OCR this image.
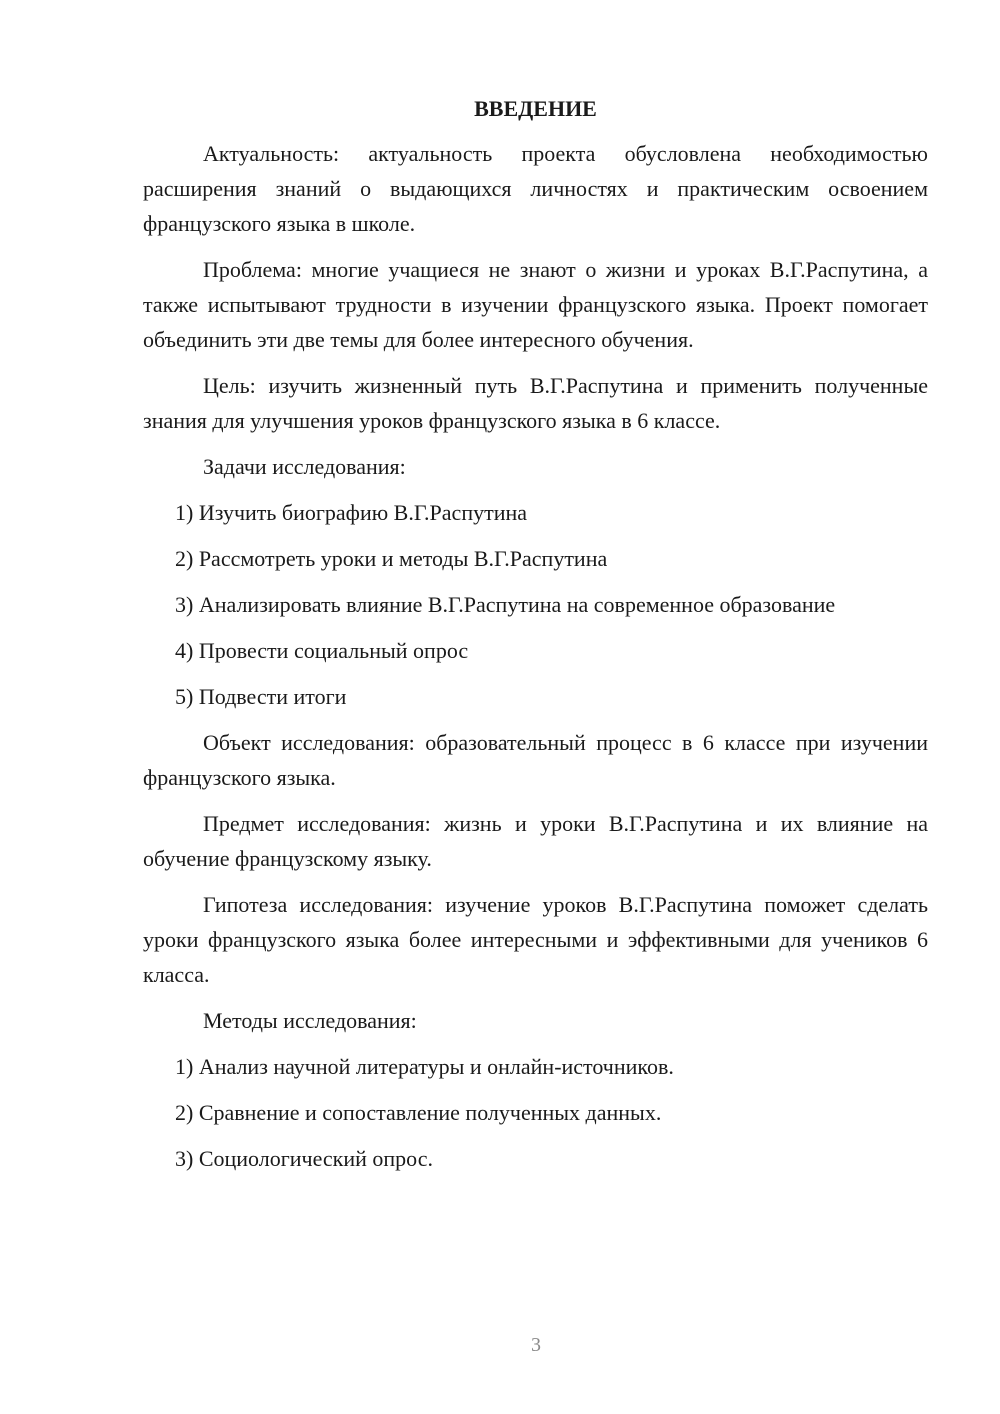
ВВЕДЕНИЕ

Актуальность: актуальность проекта обусловлена необходимостью расширения знаний о выдающихся личностях и практическим освоением французского языка в школе.

Проблема: многие учащиеся не знают о жизни и уроках В.Г.Распутина, а также испытывают трудности в изучении французского языка. Проект помогает объединить эти две темы для более интересного обучения.

Цель: изучить жизненный путь В.Г.Распутина и применить полученные знания для улучшения уроков французского языка в 6 классе.

Задачи исследования:

1) Изучить биографию В.Г.Распутина

2) Рассмотреть уроки и методы В.Г.Распутина

3) Анализировать влияние В.Г.Распутина на современное образование

4) Провести социальный опрос

5) Подвести итоги

Объект исследования: образовательный процесс в 6 классе при изучении французского языка.

Предмет исследования: жизнь и уроки В.Г.Распутина и их влияние на обучение французскому языку.

Гипотеза исследования: изучение уроков В.Г.Распутина поможет сделать уроки французского языка более интересными и эффективными для учеников 6 класса.

Методы исследования:

1) Анализ научной литературы и онлайн-источников.

2) Сравнение и сопоставление полученных данных.

3) Социологический опрос.

3
